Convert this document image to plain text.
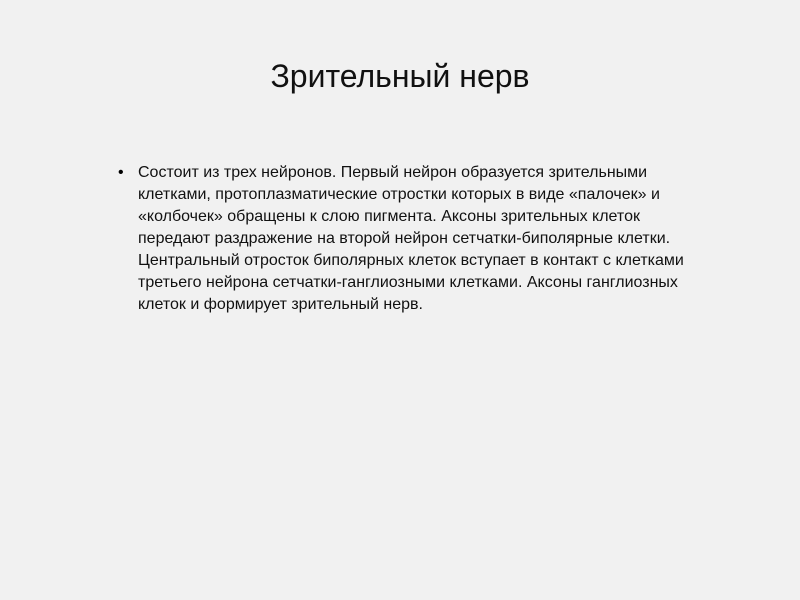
Зрительный нерв
• Состоит из трех нейронов. Первый нейрон образуется зрительными клетками, протоплазматические отростки которых в виде «палочек» и «колбочек» обращены к слою пигмента. Аксоны зрительных клеток передают раздражение на второй нейрон сетчатки-биполярные клетки. Центральный отросток биполярных клеток вступает в контакт с клетками третьего нейрона сетчатки-ганглиозными клетками. Аксоны ганглиозных клеток и формирует зрительный нерв.
